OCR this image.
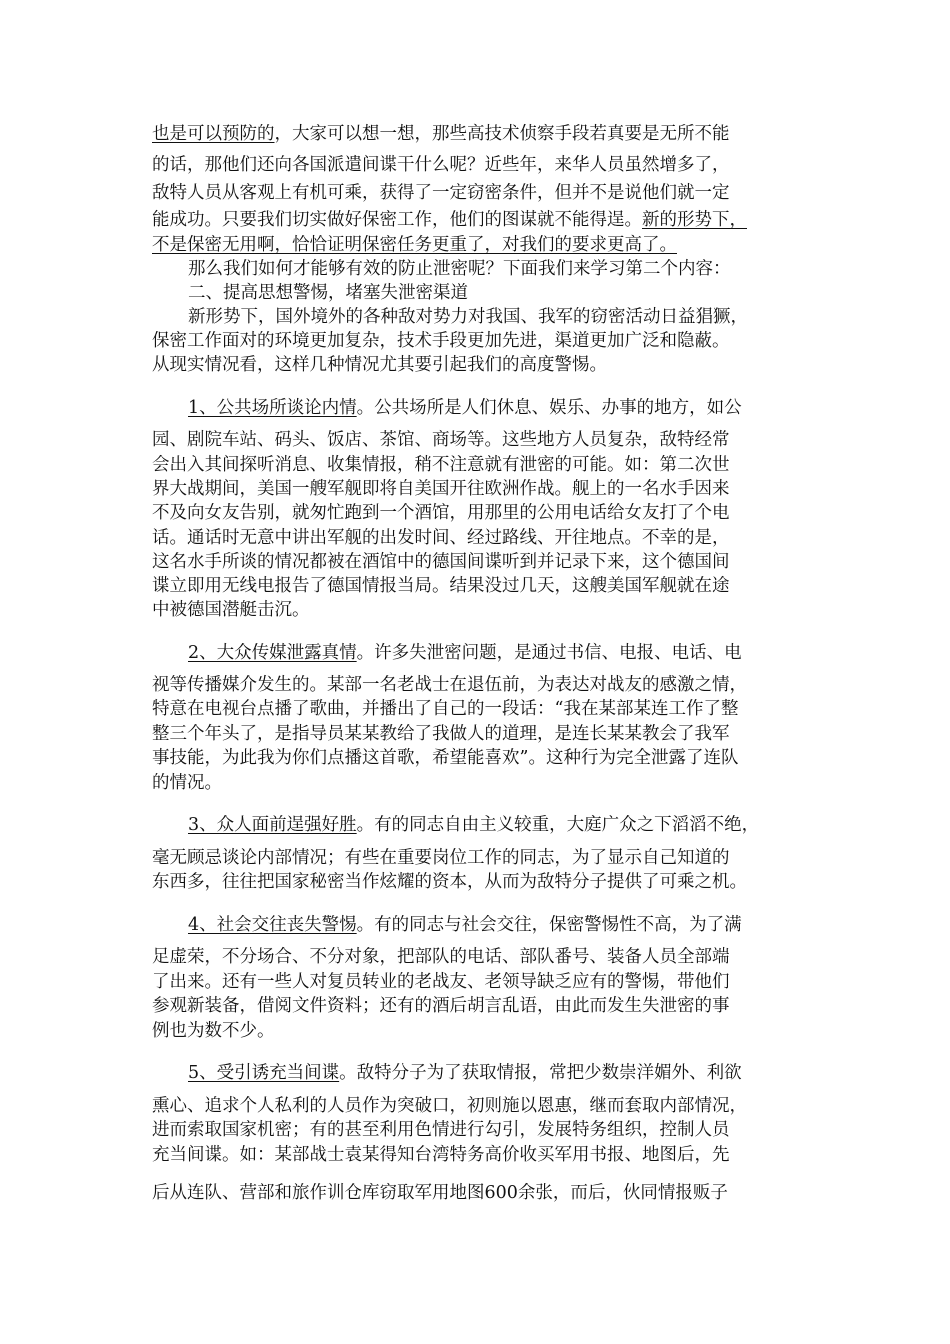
也是可以预防的，大家可以想一想，那些高技术侦察手段若真要是无所不能
的话，那他们还向各国派遣间谍干什么呢？近些年，来华人员虽然增多了，
敌特人员从客观上有机可乘，获得了一定窃密条件，但并不是说他们就一定
能成功。只要我们切实做好保密工作，他们的图谋就不能得逞。新的形势下，
不是保密无用啊，恰恰证明保密任务更重了，对我们的要求更高了。
那么我们如何才能够有效的防止泄密呢？下面我们来学习第二个内容：
二、提高思想警惕，堵塞失泄密渠道
新形势下，国外境外的各种敌对势力对我国、我军的窃密活动日益猖獗，
保密工作面对的环境更加复杂，技术手段更加先进，渠道更加广泛和隐蔽。
从现实情况看，这样几种情况尤其要引起我们的高度警惕。
1、公共场所谈论内情。公共场所是人们休息、娱乐、办事的地方，如公
园、剧院车站、码头、饭店、茶馆、商场等。这些地方人员复杂，敌特经常
会出入其间探听消息、收集情报，稍不注意就有泄密的可能。如：第二次世
界大战期间，美国一艘军舰即将自美国开往欧洲作战。舰上的一名水手因来
不及向女友告别，就匆忙跑到一个酒馆，用那里的公用电话给女友打了个电
话。通话时无意中讲出军舰的出发时间、经过路线、开往地点。不幸的是，
这名水手所谈的情况都被在酒馆中的德国间谍听到并记录下来，这个德国间
谍立即用无线电报告了德国情报当局。结果没过几天，这艘美国军舰就在途
中被德国潜艇击沉。
2、大众传媒泄露真情。许多失泄密问题，是通过书信、电报、电话、电
视等传播媒介发生的。某部一名老战士在退伍前，为表达对战友的感激之情，
特意在电视台点播了歌曲，并播出了自己的一段话：“我在某部某连工作了整
整三个年头了，是指导员某某教给了我做人的道理，是连长某某教会了我军
事技能，为此我为你们点播这首歌，希望能喜欢”。这种行为完全泄露了连队
的情况。
3、众人面前逞强好胜。有的同志自由主义较重，大庭广众之下滔滔不绝，
毫无顾忌谈论内部情况；有些在重要岗位工作的同志，为了显示自己知道的
东西多，往往把国家秘密当作炫耀的资本，从而为敌特分子提供了可乘之机。
4、社会交往丧失警惕。有的同志与社会交往，保密警惕性不高，为了满
足虚荣，不分场合、不分对象，把部队的电话、部队番号、装备人员全部端
了出来。还有一些人对复员转业的老战友、老领导缺乏应有的警惕，带他们
参观新装备，借阅文件资料；还有的酒后胡言乱语，由此而发生失泄密的事
例也为数不少。
5、受引诱充当间谍。敌特分子为了获取情报，常把少数崇洋媚外、利欲
熏心、追求个人私利的人员作为突破口，初则施以恩惠，继而套取内部情况，
进而索取国家机密；有的甚至利用色情进行勾引，发展特务组织，控制人员
充当间谍。如：某部战士袁某得知台湾特务高价收买军用书报、地图后，先
后从连队、营部和旅作训仓库窃取军用地图600余张，而后，伙同情报贩子
